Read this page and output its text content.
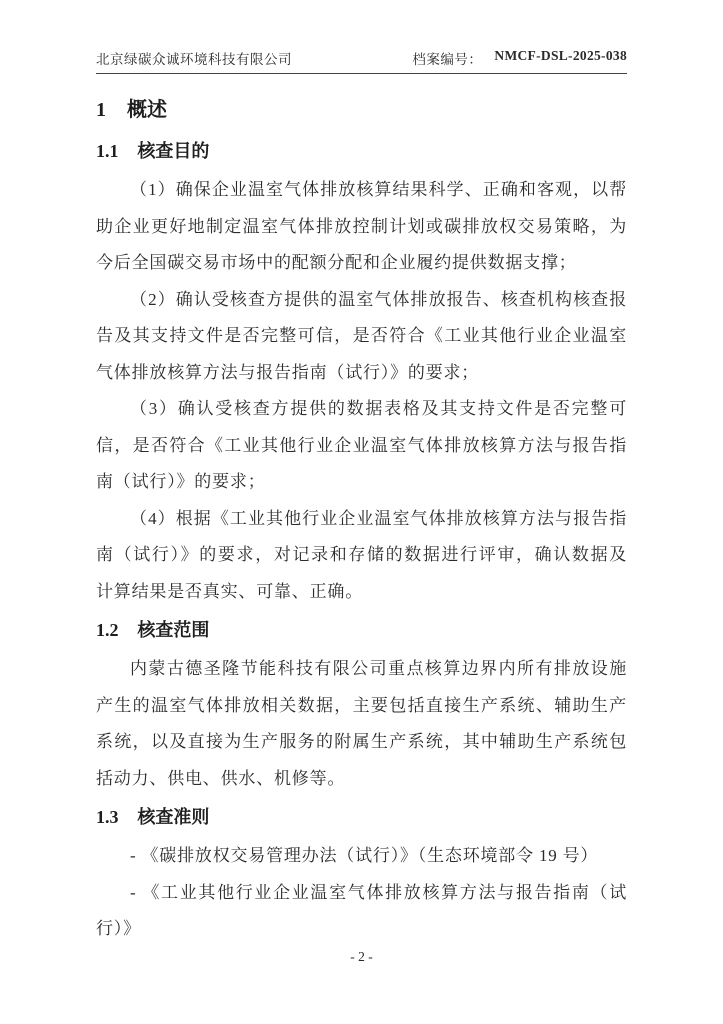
北京绿碳众诚环境科技有限公司	档案编号： NMCF-DSL-2025-038
1 概述
1.1 核查目的
（1）确保企业温室气体排放核算结果科学、正确和客观，以帮
助企业更好地制定温室气体排放控制计划或碳排放权交易策略，为
今后全国碳交易市场中的配额分配和企业履约提供数据支撑；
（2）确认受核查方提供的温室气体排放报告、核查机构核查报
告及其支持文件是否完整可信，是否符合《工业其他行业企业温室
气体排放核算方法与报告指南（试行）》的要求；
（3）确认受核查方提供的数据表格及其支持文件是否完整可
信，是否符合《工业其他行业企业温室气体排放核算方法与报告指
南（试行）》的要求；
（4）根据《工业其他行业企业温室气体排放核算方法与报告指
南（试行）》的要求，对记录和存储的数据进行评审，确认数据及
计算结果是否真实、可靠、正确。
1.2 核查范围
内蒙古德圣隆节能科技有限公司重点核算边界内所有排放设施
产生的温室气体排放相关数据，主要包括直接生产系统、辅助生产
系统，以及直接为生产服务的附属生产系统，其中辅助生产系统包
括动力、供电、供水、机修等。
1.3 核查准则
- 《碳排放权交易管理办法（试行）》（生态环境部令 19 号）
- 《工业其他行业企业温室气体排放核算方法与报告指南（试
行）》
- 2 -
